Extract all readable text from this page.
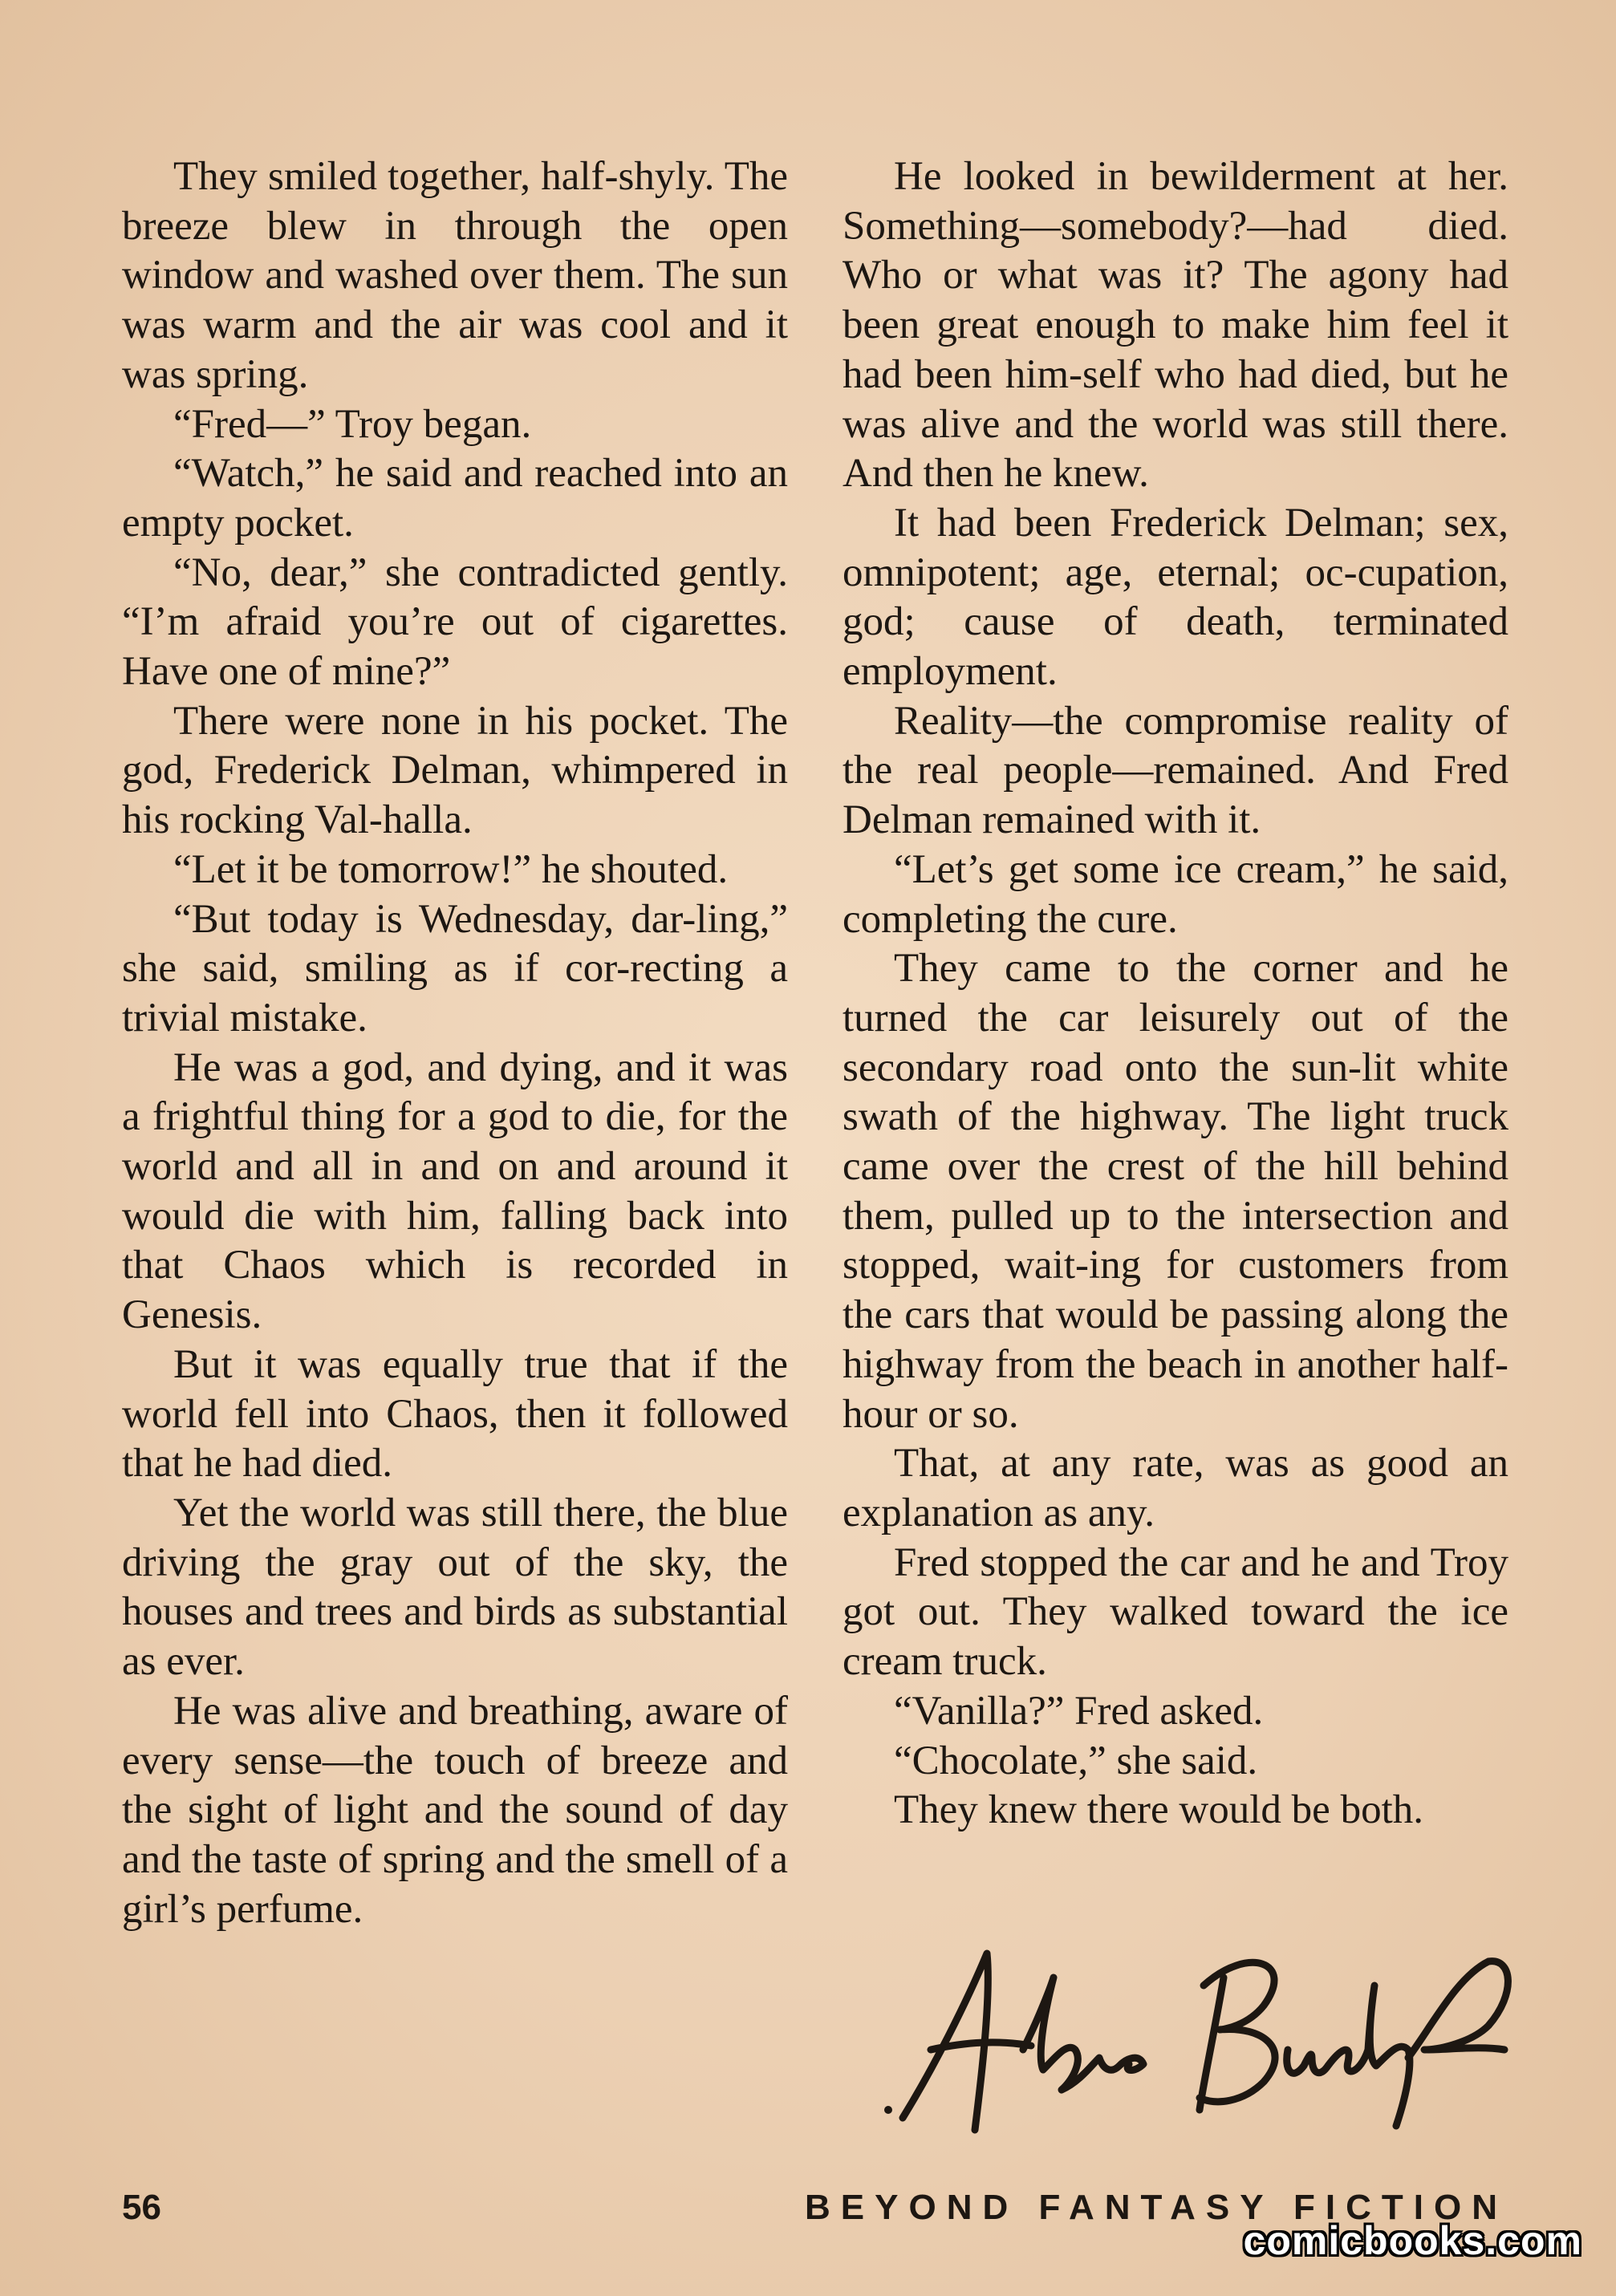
They smiled together, half-shyly. The breeze blew in through the open window and washed over them. The sun was warm and the air was cool and it was spring.

“Fred—” Troy began.

“Watch,” he said and reached into an empty pocket.

“No, dear,” she contradicted gently. “I’m afraid you’re out of cigarettes. Have one of mine?”

There were none in his pocket. The god, Frederick Delman, whimpered in his rocking Val-halla.

“Let it be tomorrow!” he shouted.

“But today is Wednesday, dar-ling,” she said, smiling as if cor-recting a trivial mistake.

He was a god, and dying, and it was a frightful thing for a god to die, for the world and all in and on and around it would die with him, falling back into that Chaos which is recorded in Genesis.

But it was equally true that if the world fell into Chaos, then it followed that he had died.

Yet the world was still there, the blue driving the gray out of the sky, the houses and trees and birds as substantial as ever.

He was alive and breathing, aware of every sense—the touch of breeze and the sight of light and the sound of day and the taste of spring and the smell of a girl’s perfume.

He looked in bewilderment at her. Something—somebody?—had died. Who or what was it? The agony had been great enough to make him feel it had been him-self who had died, but he was alive and the world was still there. And then he knew.

It had been Frederick Delman; sex, omnipotent; age, eternal; oc-cupation, god; cause of death, terminated employment.

Reality—the compromise reality of the real people—remained. And Fred Delman remained with it.

“Let’s get some ice cream,” he said, completing the cure.

They came to the corner and he turned the car leisurely out of the secondary road onto the sun-lit white swath of the highway. The light truck came over the crest of the hill behind them, pulled up to the intersection and stopped, wait-ing for customers from the cars that would be passing along the highway from the beach in another half-hour or so.

That, at any rate, was as good an explanation as any.

Fred stopped the car and he and Troy got out. They walked toward the ice cream truck.

“Vanilla?” Fred asked.

“Chocolate,” she said.

They knew there would be both.

56	BEYOND FANTASY FICTION
comicbooks.com
